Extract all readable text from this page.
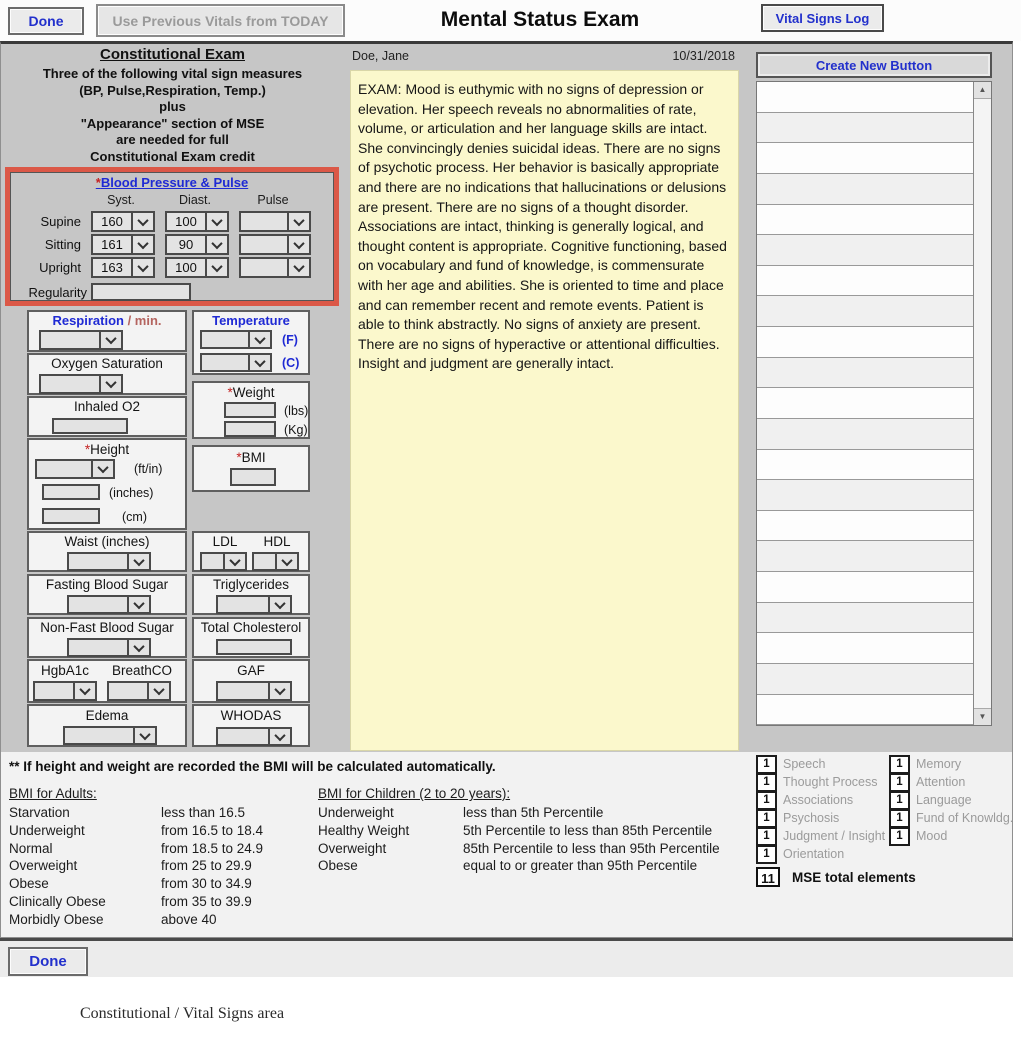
Done	Use Previous Vitals from TODAY	Mental Status Exam	Vital Signs Log
Constitutional Exam
Three of the following vital sign measures
(BP, Pulse,Respiration, Temp.)
plus
"Appearance" section of MSE
are needed for full
Constitutional Exam credit
*Blood Pressure & Pulse
Syst.	Diast.	Pulse
Supine	160	100
Sitting	161	90
Upright	163	100
Regularity
Respiration / min.
Oxygen Saturation
Inhaled O2
*Height
(ft/in)
(inches)
(cm)
Waist (inches)
Fasting Blood Sugar
Non-Fast Blood Sugar
HgbA1c	BreathCO
Edema
Temperature
(F)
(C)
*Weight
(lbs)
(Kg)
*BMI
LDL	HDL
Triglycerides
Total Cholesterol
GAF
WHODAS
Doe, Jane	10/31/2018
EXAM: Mood is euthymic with no signs of depression or elevation. Her speech reveals no abnormalities of rate, volume, or articulation and her language skills are intact. She convincingly denies suicidal ideas. There are no signs of psychotic process. Her behavior is basically appropriate and there are no indications that hallucinations or delusions are present. There are no signs of a thought disorder. Associations are intact, thinking is generally logical, and thought content is appropriate. Cognitive functioning, based on vocabulary and fund of knowledge, is commensurate with her age and abilities. She is oriented to time and place and can remember recent and remote events. Patient is able to think abstractly. No signs of anxiety are present. There are no signs of hyperactive or attentional difficulties. Insight and judgment are generally intact.
Create New Button
▲
▼
1	Speech
1	Thought Process
1	Associations
1	Psychosis
1	Judgment / Insight
1	Orientation
1	Memory
1	Attention
1	Language
1	Fund of Knowldg.
1	Mood
11	MSE total elements
** If height and weight are recorded the BMI will be calculated automatically.
BMI for Adults:	BMI for Children (2 to 20 years):
Starvation	less than 16.5
Underweight	from 16.5 to 18.4
Normal	from 18.5 to 24.9
Overweight	from 25 to 29.9
Obese	from 30 to 34.9
Clinically Obese	from 35 to 39.9
Morbidly Obese	above 40
Underweight	less than 5th Percentile
Healthy Weight	5th Percentile to less than 85th Percentile
Overweight	85th Percentile to less than 95th Percentile
Obese	equal to or greater than 95th Percentile
Done
Constitutional / Vital Signs area
